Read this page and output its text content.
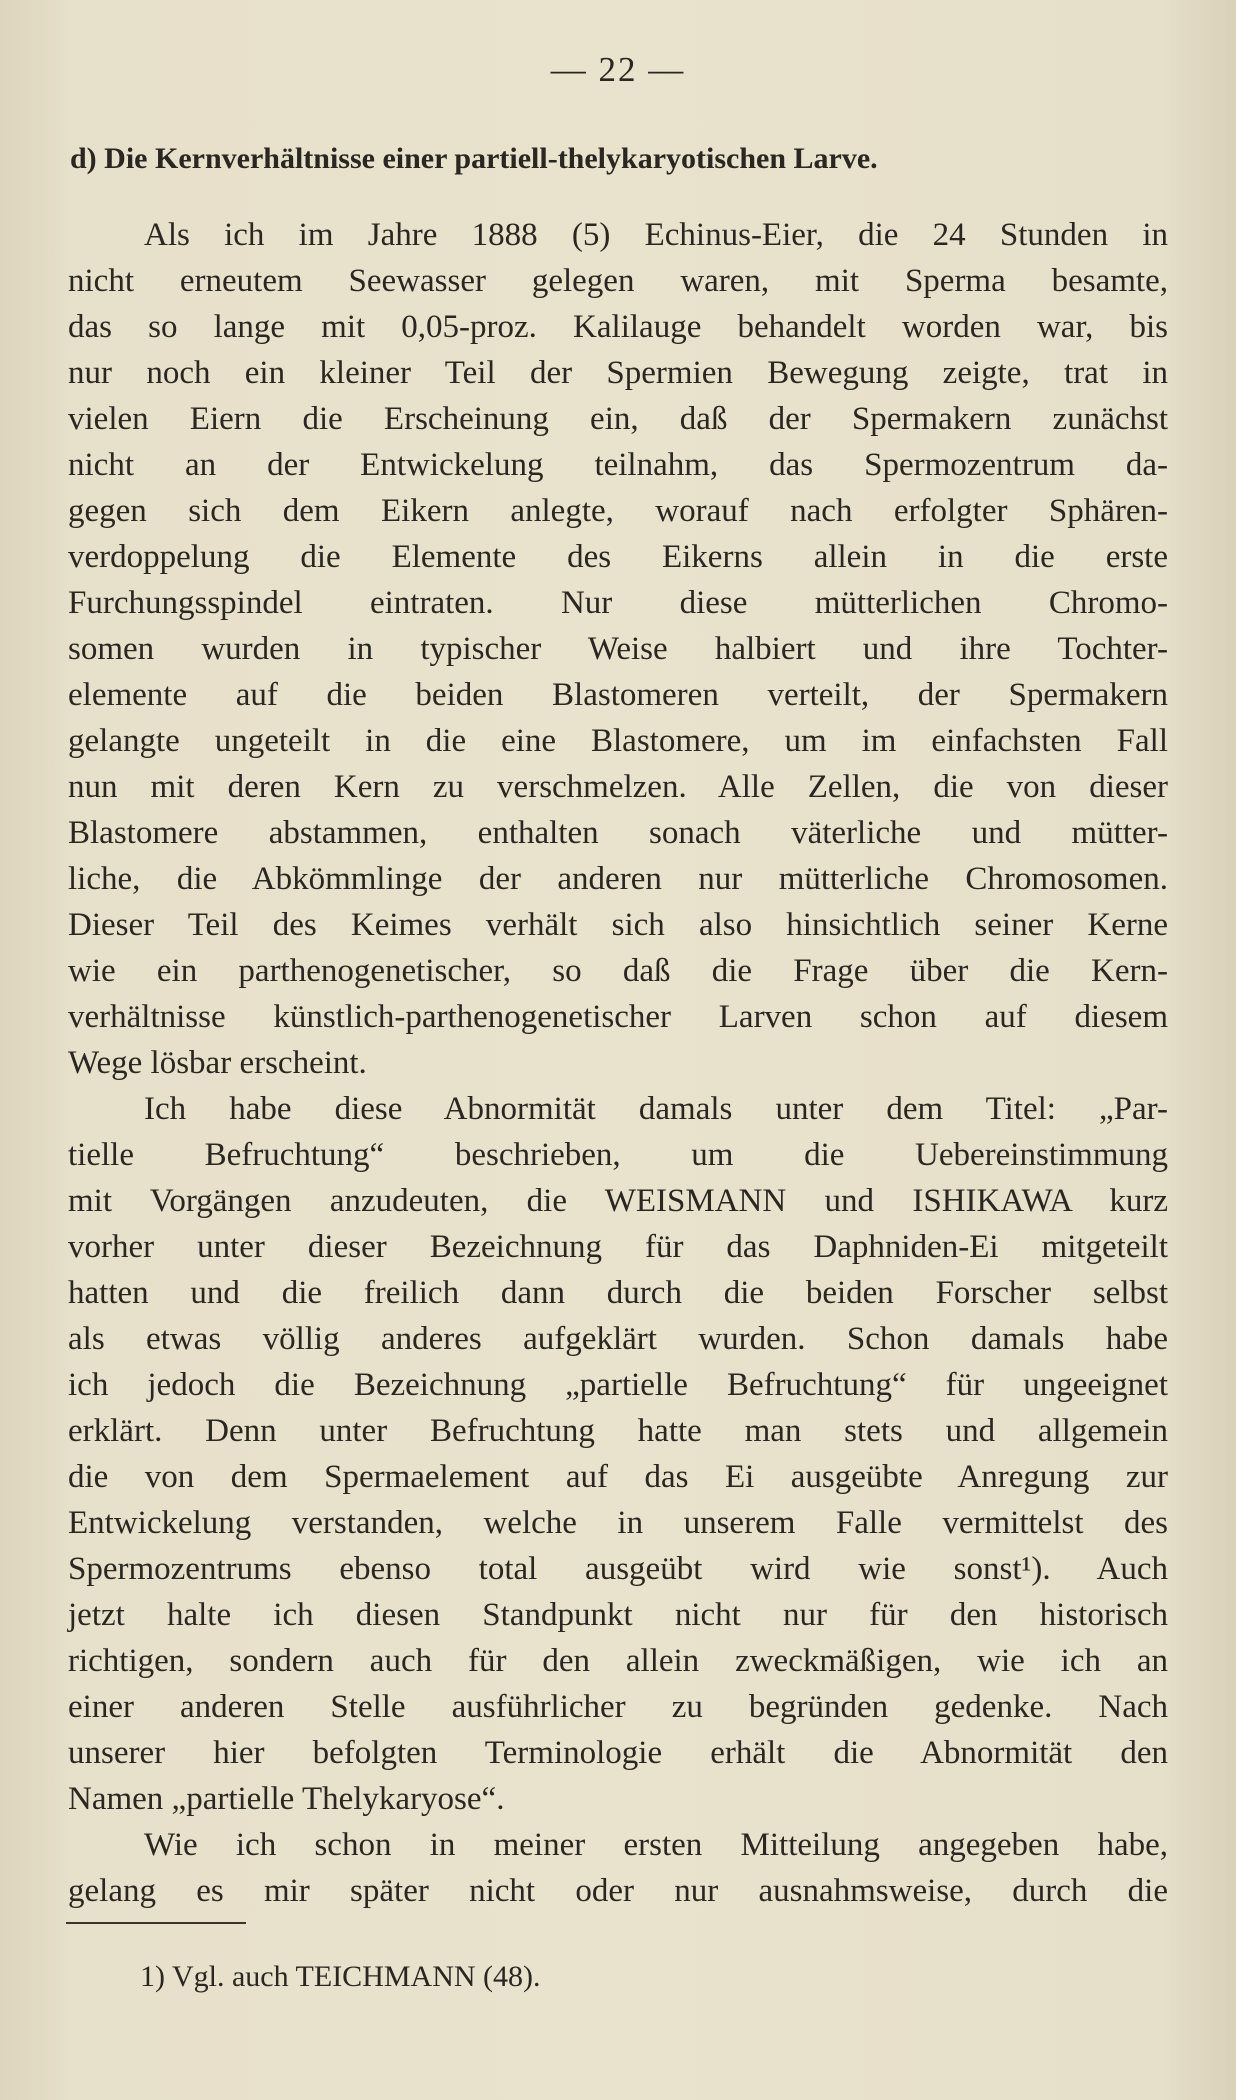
— 22 —
d) Die Kernverhältnisse einer partiell-thelykaryotischen Larve.
Als ich im Jahre 1888 (5) Echinus-Eier, die 24 Stunden in
nicht erneutem Seewasser gelegen waren, mit Sperma besamte,
das so lange mit 0,05-proz. Kalilauge behandelt worden war, bis
nur noch ein kleiner Teil der Spermien Bewegung zeigte, trat in
vielen Eiern die Erscheinung ein, daß der Spermakern zunächst
nicht an der Entwickelung teilnahm, das Spermozentrum da-
gegen sich dem Eikern anlegte, worauf nach erfolgter Sphären-
verdoppelung die Elemente des Eikerns allein in die erste
Furchungsspindel eintraten. Nur diese mütterlichen Chromo-
somen wurden in typischer Weise halbiert und ihre Tochter-
elemente auf die beiden Blastomeren verteilt, der Spermakern
gelangte ungeteilt in die eine Blastomere, um im einfachsten Fall
nun mit deren Kern zu verschmelzen. Alle Zellen, die von dieser
Blastomere abstammen, enthalten sonach väterliche und mütter-
liche, die Abkömmlinge der anderen nur mütterliche Chromosomen.
Dieser Teil des Keimes verhält sich also hinsichtlich seiner Kerne
wie ein parthenogenetischer, so daß die Frage über die Kern-
verhältnisse künstlich-parthenogenetischer Larven schon auf diesem
Wege lösbar erscheint.
Ich habe diese Abnormität damals unter dem Titel: „Par-
tielle Befruchtung“ beschrieben, um die Uebereinstimmung
mit Vorgängen anzudeuten, die WEISMANN und ISHIKAWA kurz
vorher unter dieser Bezeichnung für das Daphniden-Ei mitgeteilt
hatten und die freilich dann durch die beiden Forscher selbst
als etwas völlig anderes aufgeklärt wurden. Schon damals habe
ich jedoch die Bezeichnung „partielle Befruchtung“ für ungeeignet
erklärt. Denn unter Befruchtung hatte man stets und allgemein
die von dem Spermaelement auf das Ei ausgeübte Anregung zur
Entwickelung verstanden, welche in unserem Falle vermittelst des
Spermozentrums ebenso total ausgeübt wird wie sonst¹). Auch
jetzt halte ich diesen Standpunkt nicht nur für den historisch
richtigen, sondern auch für den allein zweckmäßigen, wie ich an
einer anderen Stelle ausführlicher zu begründen gedenke. Nach
unserer hier befolgten Terminologie erhält die Abnormität den
Namen „partielle Thelykaryose“.
Wie ich schon in meiner ersten Mitteilung angegeben habe,
gelang es mir später nicht oder nur ausnahmsweise, durch die
1) Vgl. auch TEICHMANN (48).
